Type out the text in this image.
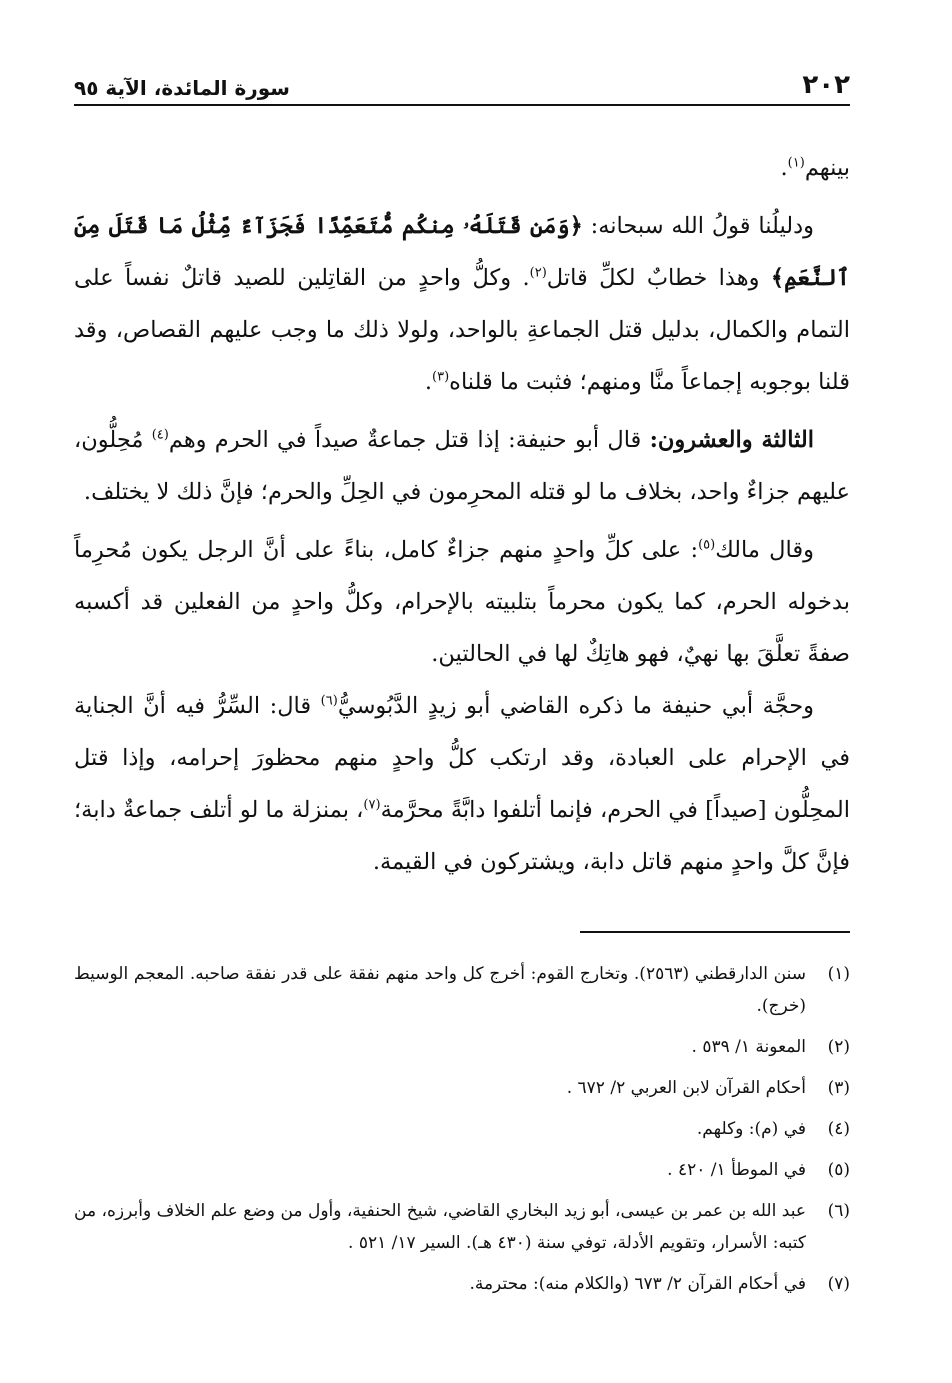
٢٠٢
سورة المائدة، الآية ٩٥

بينهم$^{(١)}$.

ودليلُنا قولُ الله سبحانه: ﴿وَمَن قَتَلَهُۥ مِنكُم مُّتَعَمِّدًا فَجَزَآءٌ مِّثْلُ مَا قَتَلَ مِنَ ٱلنَّعَمِ﴾ وهذا خطابٌ لكلِّ قاتل$^{(٢)}$. وكلُّ واحدٍ من القاتِلين للصيد قاتلٌ نفساً على التمام والكمال، بدليل قتل الجماعةِ بالواحد، ولولا ذلك ما وجب عليهم القصاص، وقد قلنا بوجوبه إجماعاً منَّا ومنهم؛ فثبت ما قلناه$^{(٣)}$.

الثالثة والعشرون: قال أبو حنيفة: إذا قتل جماعةٌ صيداً في الحرم وهم$^{(٤)}$ مُحِلُّون، عليهم جزاءٌ واحد، بخلاف ما لو قتله المحرِمون في الحِلِّ والحرم؛ فإنَّ ذلك لا يختلف.

وقال مالك$^{(٥)}$: على كلِّ واحدٍ منهم جزاءٌ كامل، بناءً على أنَّ الرجل يكون مُحرِماً بدخوله الحرم، كما يكون محرماً بتلبيته بالإحرام، وكلُّ واحدٍ من الفعلين قد أكسبه صفةً تعلَّقَ بها نهيٌ، فهو هاتِكٌ لها في الحالتين.

وحجَّة أبي حنيفة ما ذكره القاضي أبو زيدٍ الدَّبُوسيُّ$^{(٦)}$ قال: السِّرُّ فيه أنَّ الجناية في الإحرام على العبادة، وقد ارتكب كلُّ واحدٍ منهم محظورَ إحرامه، وإذا قتل المحِلُّون [صيداً] في الحرم، فإنما أتلفوا دابَّةً محرَّمة$^{(٧)}$، بمنزلة ما لو أتلف جماعةٌ دابة؛ فإنَّ كلَّ واحدٍ منهم قاتل دابة، ويشتركون في القيمة.

(١)
سنن الدارقطني (٢٥٦٣). وتخارج القوم: أخرج كل واحد منهم نفقة على قدر نفقة صاحبه. المعجم الوسيط (خرج).
(٢)
المعونة ١/ ٥٣٩ .
(٣)
أحكام القرآن لابن العربي ٢/ ٦٧٢ .
(٤)
في (م): وكلهم.
(٥)
في الموطأ ١/ ٤٢٠ .
(٦)
عبد الله بن عمر بن عيسى، أبو زيد البخاري القاضي، شيخ الحنفية، وأول من وضع علم الخلاف وأبرزه، من كتبه: الأسرار، وتقويم الأدلة، توفي سنة (٤٣٠ هـ). السير ١٧/ ٥٢١ .
(٧)
في أحكام القرآن ٢/ ٦٧٣ (والكلام منه): محترمة.
